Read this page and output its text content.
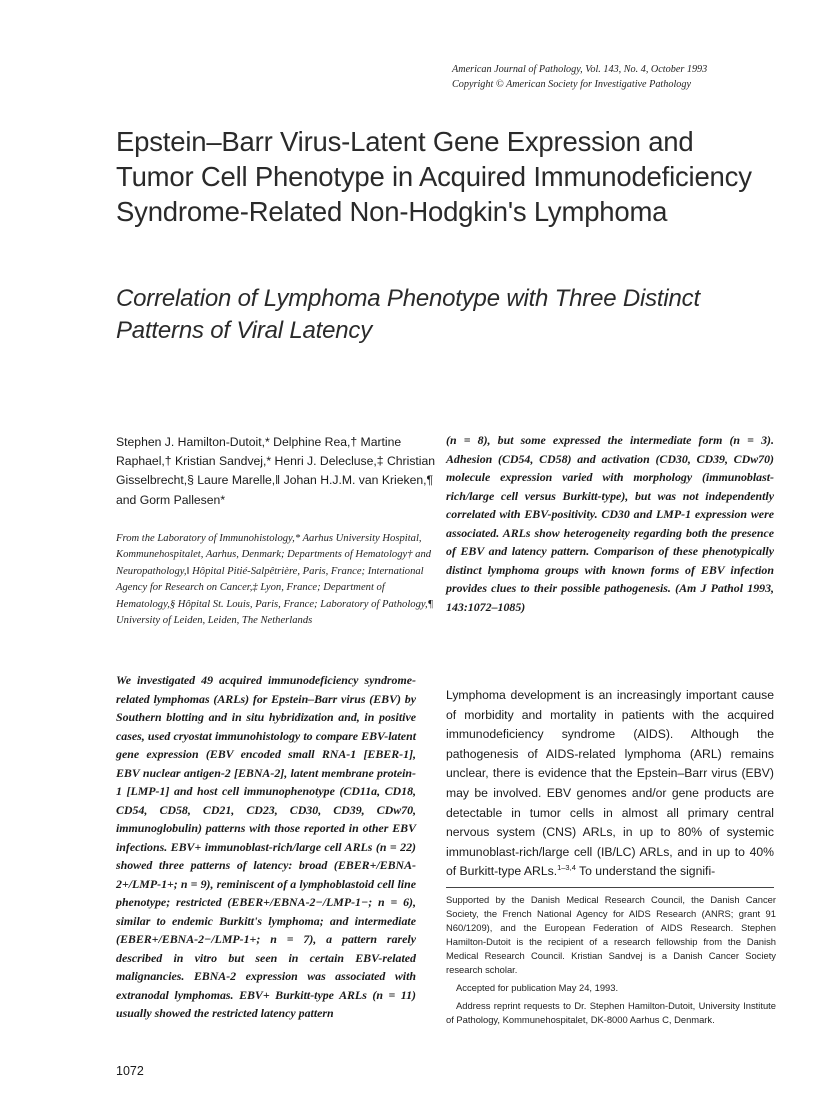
American Journal of Pathology, Vol. 143, No. 4, October 1993
Copyright © American Society for Investigative Pathology
Epstein–Barr Virus-Latent Gene Expression and Tumor Cell Phenotype in Acquired Immunodeficiency Syndrome-Related Non-Hodgkin's Lymphoma
Correlation of Lymphoma Phenotype with Three Distinct Patterns of Viral Latency
Stephen J. Hamilton-Dutoit,* Delphine Rea,† Martine Raphael,† Kristian Sandvej,* Henri J. Delecluse,‡ Christian Gisselbrecht,§ Laure Marelle,‖ Johan H.J.M. van Krieken,¶ and Gorm Pallesen*
From the Laboratory of Immunohistology,* Aarhus University Hospital, Kommunehospitalet, Aarhus, Denmark; Departments of Hematology† and Neuropathology,‖ Hôpital Pitié-Salpêtrière, Paris, France; International Agency for Research on Cancer,‡ Lyon, France; Department of Hematology,§ Hôpital St. Louis, Paris, France; Laboratory of Pathology,¶ University of Leiden, Leiden, The Netherlands

We investigated 49 acquired immunodeficiency syndrome-related lymphomas (ARLs) for Epstein–Barr virus (EBV) by Southern blotting and in situ hybridization and, in positive cases, used cryostat immunohistology to compare EBV-latent gene expression (EBV encoded small RNA-1 [EBER-1], EBV nuclear antigen-2 [EBNA-2], latent membrane protein-1 [LMP-1] and host cell immunophenotype (CD11a, CD18, CD54, CD58, CD21, CD23, CD30, CD39, CDw70, immunoglobulin) patterns with those reported in other EBV infections. EBV+ immunoblast-rich/large cell ARLs (n = 22) showed three patterns of latency: broad (EBER+/EBNA-2+/LMP-1+; n = 9), reminiscent of a lymphoblastoid cell line phenotype; restricted (EBER+/EBNA-2−/LMP-1−; n = 6), similar to endemic Burkitt's lymphoma; and intermediate (EBER+/EBNA-2−/LMP-1+; n = 7), a pattern rarely described in vitro but seen in certain EBV-related malignancies. EBNA-2 expression was associated with extranodal lymphomas. EBV+ Burkitt-type ARLs (n = 11) usually showed the restricted latency pattern

(n = 8), but some expressed the intermediate form (n = 3). Adhesion (CD54, CD58) and activation (CD30, CD39, CDw70) molecule expression varied with morphology (immunoblast-rich/large cell versus Burkitt-type), but was not independently correlated with EBV-positivity. CD30 and LMP-1 expression were associated. ARLs show heterogeneity regarding both the presence of EBV and latency pattern. Comparison of these phenotypically distinct lymphoma groups with known forms of EBV infection provides clues to their possible pathogenesis. (Am J Pathol 1993, 143:1072–1085)

Lymphoma development is an increasingly important cause of morbidity and mortality in patients with the acquired immunodeficiency syndrome (AIDS). Although the pathogenesis of AIDS-related lymphoma (ARL) remains unclear, there is evidence that the Epstein–Barr virus (EBV) may be involved. EBV genomes and/or gene products are detectable in tumor cells in almost all primary central nervous system (CNS) ARLs, in up to 80% of systemic immunoblast-rich/large cell (IB/LC) ARLs, and in up to 40% of Burkitt-type ARLs.$^{1-3,4}$ To understand the signifi-

Supported by the Danish Medical Research Council, the Danish Cancer Society, the French National Agency for AIDS Research (ANRS; grant 91 N60/1209), and the European Federation of AIDS Research. Stephen Hamilton-Dutoit is the recipient of a research fellowship from the Danish Medical Research Council. Kristian Sandvej is a Danish Cancer Society research scholar.

Accepted for publication May 24, 1993.

Address reprint requests to Dr. Stephen Hamilton-Dutoit, University Institute of Pathology, Kommunehospitalet, DK-8000 Aarhus C, Denmark.

1072
